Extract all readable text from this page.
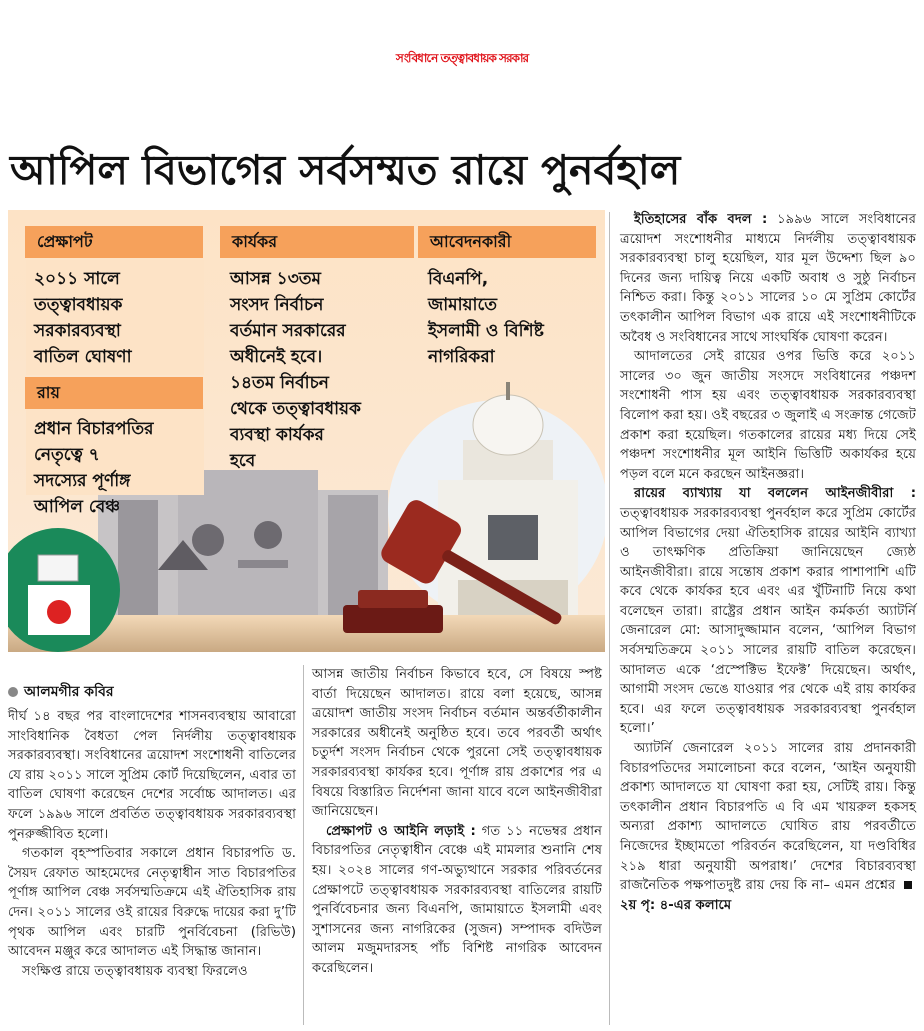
সংবিধানে তত্ত্বাবধায়ক সরকার
আপিল বিভাগের সর্বসম্মত রায়ে পুনর্বহাল
প্রেক্ষাপট
২০১১ সালে
তত্ত্বাবধায়ক
সরকারব্যবস্থা
বাতিল ঘোষণা
কার্যকর
আসন্ন ১৩তম
সংসদ নির্বাচন
বর্তমান সরকারের
অধীনেই হবে।
১৪তম নির্বাচন
থেকে তত্ত্বাবধায়ক
ব্যবস্থা কার্যকর
হবে
আবেদনকারী
বিএনপি,
জামায়াতে
ইসলামী ও বিশিষ্ট
নাগরিকরা
রায়
প্রধান বিচারপতির
নেতৃত্বে ৭
সদস্যের পূর্ণাঙ্গ
আপিল বেঞ্চ
আলমগীর কবির

দীর্ঘ ১৪ বছর পর বাংলাদেশের শাসনব্যবস্থায় আবারো সাংবিধানিক বৈধতা পেল নির্দলীয় তত্ত্বাবধায়ক সরকারব্যবস্থা। সংবিধানের ত্রয়োদশ সংশোধনী বাতিলের যে রায় ২০১১ সালে সুপ্রিম কোর্ট দিয়েছিলেন, এবার তা বাতিল ঘোষণা করেছেন দেশের সর্বোচ্চ আদালত। এর ফলে ১৯৯৬ সালে প্রবর্তিত তত্ত্বাবধায়ক সরকারব্যবস্থা পুনরুজ্জীবিত হলো।

গতকাল বৃহস্পতিবার সকালে প্রধান বিচারপতি ড. সৈয়দ রেফাত আহমেদের নেতৃত্বাধীন সাত বিচারপতির পূর্ণাঙ্গ আপিল বেঞ্চ সর্বসম্মতিক্রমে এই ঐতিহাসিক রায় দেন। ২০১১ সালের ওই রায়ের বিরুদ্ধে দায়ের করা দু’টি পৃথক আপিল এবং চারটি পুনর্বিবেচনা (রিভিউ) আবেদন মঞ্জুর করে আদালত এই সিদ্ধান্ত জানান।

সংক্ষিপ্ত রায়ে তত্ত্বাবধায়ক ব্যবস্থা ফিরলেও

আসন্ন জাতীয় নির্বাচন কিভাবে হবে, সে বিষয়ে স্পষ্ট বার্তা দিয়েছেন আদালত। রায়ে বলা হয়েছে, আসন্ন ত্রয়োদশ জাতীয় সংসদ নির্বাচন বর্তমান অন্তর্বর্তীকালীন সরকারের অধীনেই অনুষ্ঠিত হবে। তবে পরবর্তী অর্থাৎ চতুর্দশ সংসদ নির্বাচন থেকে পুরনো সেই তত্ত্বাবধায়ক সরকারব্যবস্থা কার্যকর হবে। পূর্ণাঙ্গ রায় প্রকাশের পর এ বিষয়ে বিস্তারিত নির্দেশনা জানা যাবে বলে আইনজীবীরা জানিয়েছেন।

প্রেক্ষাপট ও আইনি লড়াই : গত ১১ নভেম্বর প্রধান বিচারপতির নেতৃত্বাধীন বেঞ্চে এই মামলার শুনানি শেষ হয়। ২০২৪ সালের গণ-অভ্যুত্থানে সরকার পরিবর্তনের প্রেক্ষাপটে তত্ত্বাবধায়ক সরকারব্যবস্থা বাতিলের রায়টি পুনর্বিবেচনার জন্য বিএনপি, জামায়াতে ইসলামী এবং সুশাসনের জন্য নাগরিকের (সুজন) সম্পাদক বদিউল আলম মজুমদারসহ পাঁচ বিশিষ্ট নাগরিক আবেদন করেছিলেন।

ইতিহাসের বাঁক বদল : ১৯৯৬ সালে সংবিধানের ত্রয়োদশ সংশোধনীর মাধ্যমে নির্দলীয় তত্ত্বাবধায়ক সরকারব্যবস্থা চালু হয়েছিল, যার মূল উদ্দেশ্য ছিল ৯০ দিনের জন্য দায়িত্ব নিয়ে একটি অবাধ ও সুষ্ঠু নির্বাচন নিশ্চিত করা। কিন্তু ২০১১ সালের ১০ মে সুপ্রিম কোর্টের তৎকালীন আপিল বিভাগ এক রায়ে এই সংশোধনীটিকে অবৈধ ও সংবিধানের সাথে সাংঘর্ষিক ঘোষণা করেন।

আদালতের সেই রায়ের ওপর ভিত্তি করে ২০১১ সালের ৩০ জুন জাতীয় সংসদে সংবিধানের পঞ্চদশ সংশোধনী পাস হয় এবং তত্ত্বাবধায়ক সরকারব্যবস্থা বিলোপ করা হয়। ওই বছরের ৩ জুলাই এ সংক্রান্ত গেজেট প্রকাশ করা হয়েছিল। গতকালের রায়ের মধ্য দিয়ে সেই পঞ্চদশ সংশোধনীর মূল আইনি ভিত্তিটি অকার্যকর হয়ে পড়ল বলে মনে করছেন আইনজ্ঞরা।

রায়ের ব্যাখ্যায় যা বললেন আইনজীবীরা : তত্ত্বাবধায়ক সরকারব্যবস্থা পুনর্বহাল করে সুপ্রিম কোর্টের আপিল বিভাগের দেয়া ঐতিহাসিক রায়ের আইনি ব্যাখ্যা ও তাৎক্ষণিক প্রতিক্রিয়া জানিয়েছেন জ্যেষ্ঠ আইনজীবীরা। রায়ে সন্তোষ প্রকাশ করার পাশাপাশি এটি কবে থেকে কার্যকর হবে এবং এর খুঁটিনাটি নিয়ে কথা বলেছেন তারা। রাষ্ট্রের প্রধান আইন কর্মকর্তা অ্যাটর্নি জেনারেল মো: আসাদুজ্জামান বলেন, ‘আপিল বিভাগ সর্বসম্মতিক্রমে ২০১১ সালের রায়টি বাতিল করেছেন। আদালত একে ‘প্রস্পেক্টিভ ইফেক্ট’ দিয়েছেন। অর্থাৎ, আগামী সংসদ ভেঙে যাওয়ার পর থেকে এই রায় কার্যকর হবে। এর ফলে তত্ত্বাবধায়ক সরকারব্যবস্থা পুনর্বহাল হলো।’

অ্যাটর্নি জেনারেল ২০১১ সালের রায় প্রদানকারী বিচারপতিদের সমালোচনা করে বলেন, ‘আইন অনুযায়ী প্রকাশ্য আদালতে যা ঘোষণা করা হয়, সেটিই রায়। কিন্তু তৎকালীন প্রধান বিচারপতি এ বি এম খায়রুল হকসহ অন্যরা প্রকাশ্য আদালতে ঘোষিত রায় পরবর্তীতে নিজেদের ইচ্ছামতো পরিবর্তন করেছিলেন, যা দণ্ডবিধির ২১৯ ধারা অনুযায়ী অপরাধ।’ দেশের বিচারব্যবস্থা রাজনৈতিক পক্ষপাতদুষ্ট রায় দেয় কি না– এমন প্রশ্নের ২য় পৃ: ৪-এর কলামে
